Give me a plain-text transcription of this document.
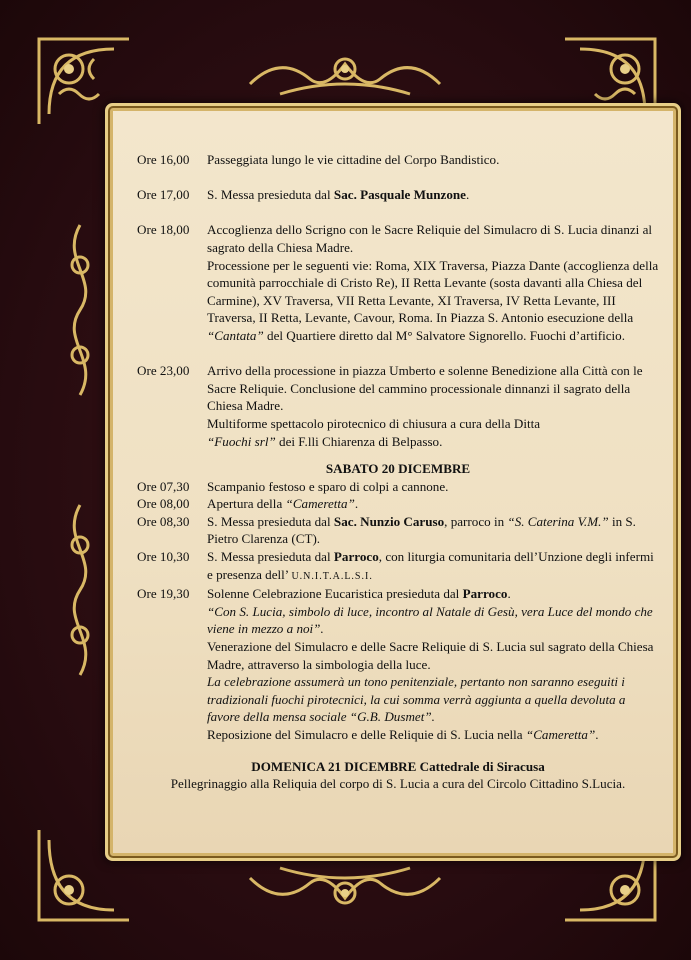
Ore 16,00	Passeggiata lungo le vie cittadine del Corpo Bandistico.
Ore 17,00	S. Messa presieduta dal Sac. Pasquale Munzone.
Ore 18,00	Accoglienza dello Scrigno con le Sacre Reliquie del Simulacro di S. Lucia dinanzi al sagrato della Chiesa Madre.
Processione per le seguenti vie: Roma, XIX Traversa, Piazza Dante (accoglienza della comunità parrocchiale di Cristo Re), II Retta Levante (sosta davanti alla Chiesa del Carmine), XV Traversa, VII Retta Levante, XI Traversa, IV Retta Levante, III Traversa, II Retta, Levante, Cavour, Roma. In Piazza S. Antonio esecuzione della “Cantata” del Quartiere diretto dal M° Salvatore Signorello. Fuochi d’artificio.
Ore 23,00	Arrivo della processione in piazza Umberto e solenne Benedizione alla Città con le Sacre Reliquie. Conclusione del cammino processionale dinnanzi il sagrato della Chiesa Madre.
Multiforme spettacolo pirotecnico di chiusura a cura della Ditta
“Fuochi srl” dei F.lli Chiarenza di Belpasso.
SABATO 20 DICEMBRE
Ore 07,30	Scampanio festoso e sparo di colpi a cannone.
Ore 08,00	Apertura della “Cameretta”.
Ore 08,30	S. Messa presieduta dal Sac. Nunzio Caruso, parroco in “S. Caterina V.M.” in S. Pietro Clarenza (CT).
Ore 10,30	S. Messa presieduta dal Parroco, con liturgia comunitaria dell’Unzione degli infermi e presenza dell’ U.N.I.T.A.L.S.I.
Ore 19,30	Solenne Celebrazione Eucaristica presieduta dal Parroco.
“Con S. Lucia, simbolo di luce, incontro al Natale di Gesù, vera Luce del mondo che viene in mezzo a noi”.
Venerazione del Simulacro e delle Sacre Reliquie di S. Lucia sul sagrato della Chiesa Madre, attraverso la simbologia della luce.
La celebrazione assumerà un tono penitenziale, pertanto non saranno eseguiti i tradizionali fuochi pirotecnici, la cui somma verrà aggiunta a quella devoluta a favore della mensa sociale “G.B. Dusmet”.
Reposizione del Simulacro e delle Reliquie di S. Lucia nella “Cameretta”.
DOMENICA 21 DICEMBRE Cattedrale di Siracusa
Pellegrinaggio alla Reliquia del corpo di S. Lucia a cura del Circolo Cittadino S.Lucia.
